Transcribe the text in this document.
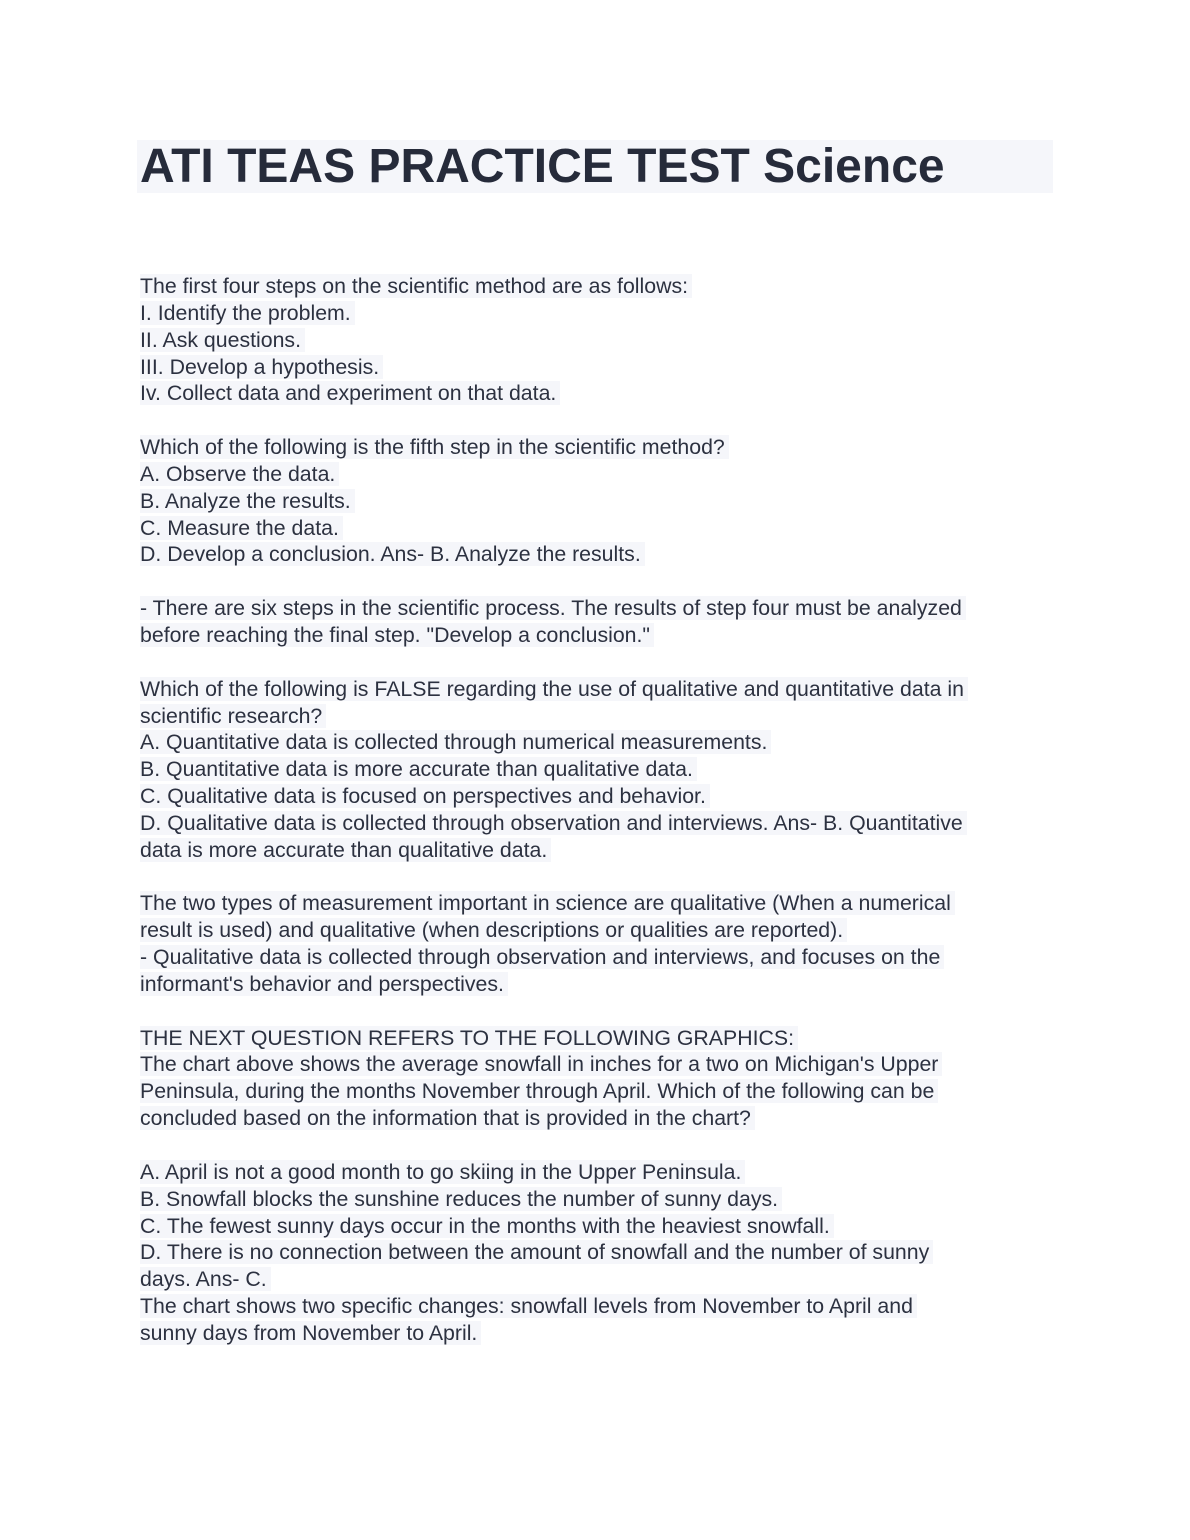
ATI TEAS PRACTICE TEST Science
The first four steps on the scientific method are as follows:
I. Identify the problem.
II. Ask questions.
III. Develop a hypothesis.
Iv. Collect data and experiment on that data.
Which of the following is the fifth step in the scientific method?
A. Observe the data.
B. Analyze the results.
C. Measure the data.
D. Develop a conclusion. Ans- B. Analyze the results.
- There are six steps in the scientific process. The results of step four must be analyzed
before reaching the final step. "Develop a conclusion."
Which of the following is FALSE regarding the use of qualitative and quantitative data in
scientific research?
A. Quantitative data is collected through numerical measurements.
B. Quantitative data is more accurate than qualitative data.
C. Qualitative data is focused on perspectives and behavior.
D. Qualitative data is collected through observation and interviews. Ans- B. Quantitative
data is more accurate than qualitative data.
The two types of measurement important in science are qualitative (When a numerical
result is used) and qualitative (when descriptions or qualities are reported).
- Qualitative data is collected through observation and interviews, and focuses on the
informant's behavior and perspectives.
THE NEXT QUESTION REFERS TO THE FOLLOWING GRAPHICS:
The chart above shows the average snowfall in inches for a two on Michigan's Upper
Peninsula, during the months November through April. Which of the following can be
concluded based on the information that is provided in the chart?
A. April is not a good month to go skiing in the Upper Peninsula.
B. Snowfall blocks the sunshine reduces the number of sunny days.
C. The fewest sunny days occur in the months with the heaviest snowfall.
D. There is no connection between the amount of snowfall and the number of sunny
days. Ans- C.
The chart shows two specific changes: snowfall levels from November to April and
sunny days from November to April.
